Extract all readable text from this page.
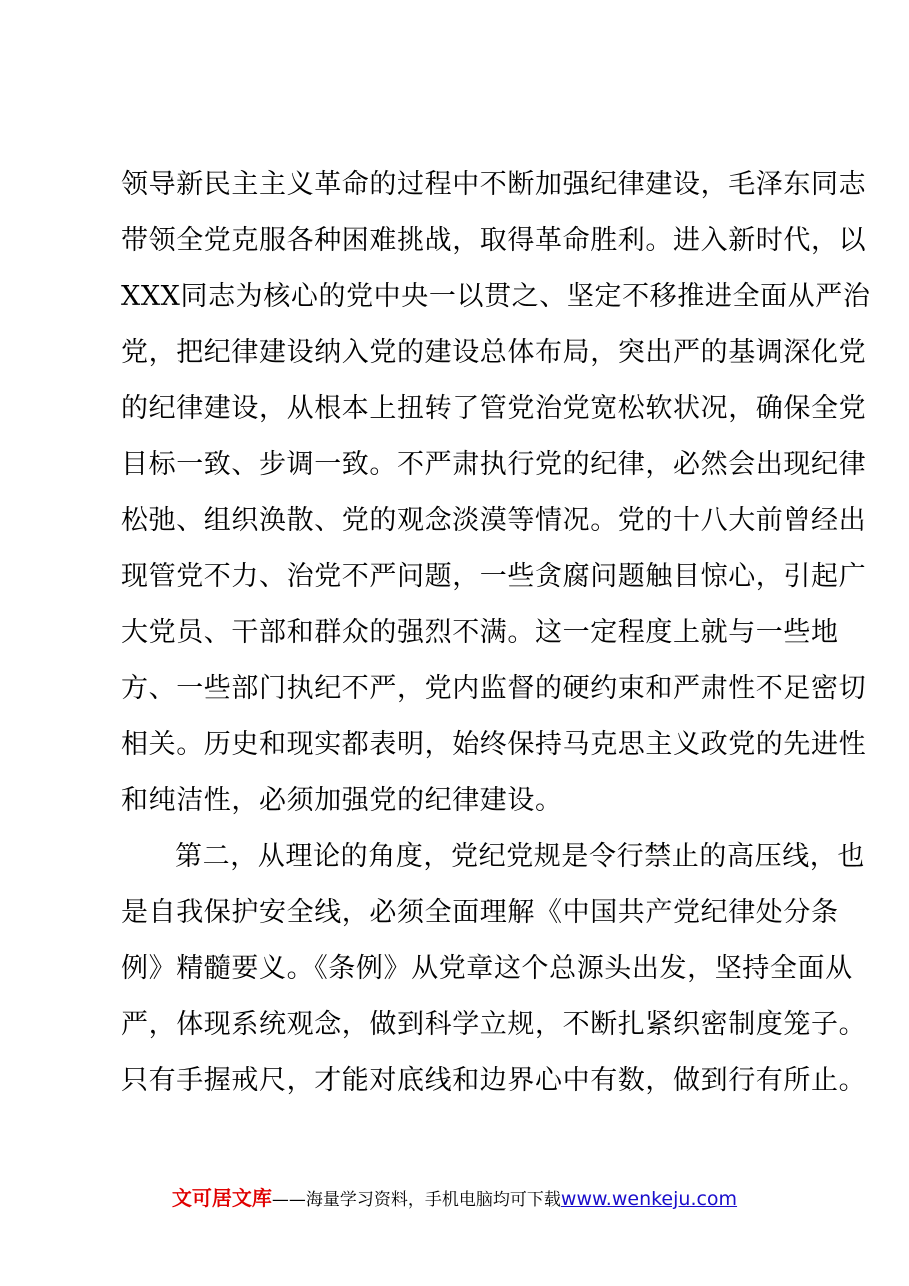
领导新民主主义革命的过程中不断加强纪律建设，毛泽东同志
带领全党克服各种困难挑战，取得革命胜利。进入新时代，以
XXX同志为核心的党中央一以贯之、坚定不移推进全面从严治
党，把纪律建设纳入党的建设总体布局，突出严的基调深化党
的纪律建设，从根本上扭转了管党治党宽松软状况，确保全党
目标一致、步调一致。不严肃执行党的纪律，必然会出现纪律
松弛、组织涣散、党的观念淡漠等情况。党的十八大前曾经出
现管党不力、治党不严问题，一些贪腐问题触目惊心，引起广
大党员、干部和群众的强烈不满。这一定程度上就与一些地
方、一些部门执纪不严，党内监督的硬约束和严肃性不足密切
相关。历史和现实都表明，始终保持马克思主义政党的先进性
和纯洁性，必须加强党的纪律建设。
第二，从理论的角度，党纪党规是令行禁止的高压线，也
是自我保护安全线，必须全面理解《中国共产党纪律处分条
例》精髓要义。《条例》从党章这个总源头出发，坚持全面从
严，体现系统观念，做到科学立规，不断扎紧织密制度笼子。
只有手握戒尺，才能对底线和边界心中有数，做到行有所止。
文可居文库——海量学习资料，手机电脑均可下载www.wenkeju.com
